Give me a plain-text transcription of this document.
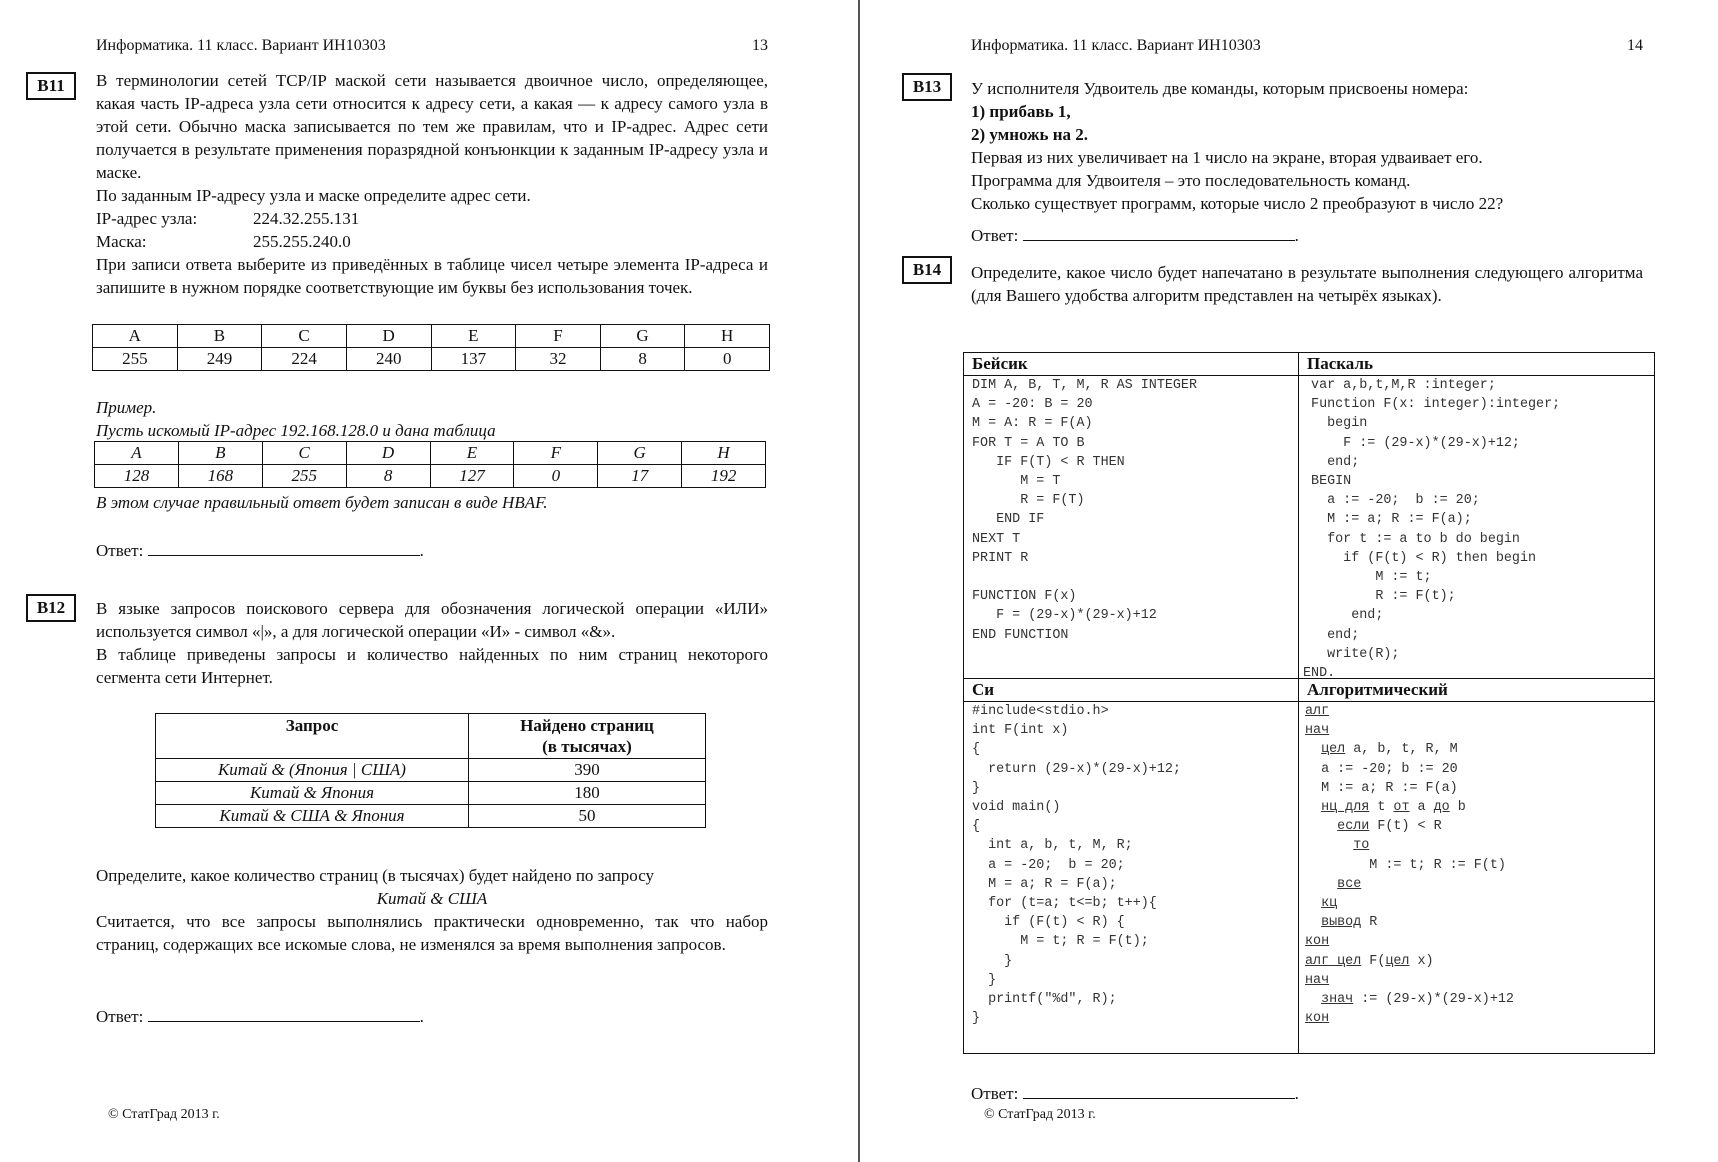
Информатика. 11 класс. Вариант ИН10303	13
B11	В терминологии сетей TCP/IP маской сети называется двоичное число, определяющее, какая часть IP-адреса узла сети относится к адресу сети, а какая — к адресу самого узла в этой сети. Обычно маска записывается по тем же правилам, что и IP-адрес. Адрес сети получается в результате применения поразрядной конъюнкции к заданным IP-адресу узла и маске.

По заданным IP-адресу узла и маске определите адрес сети.

IP-адрес узла:	224.32.255.131

Маска:	255.255.240.0

При записи ответа выберите из приведённых в таблице чисел четыре элемента IP-адреса и запишите в нужном порядке соответствующие им буквы без использования точек.

A	B	C	D	E	F	G	H
255	249	224	240	137	32	8	0
Пример.
Пусть искомый IP-адрес 192.168.128.0 и дана таблица
A	B	C	D	E	F	G	H
128	168	255	8	127	0	17	192
В этом случае правильный ответ будет записан в виде HBAF.
Ответ:	.
B12	В языке запросов поискового сервера для обозначения логической операции «ИЛИ» используется символ «|», а для логической операции «И» - символ «&».

В таблице приведены запросы и количество найденных по ним страниц некоторого сегмента сети Интернет.

Запрос	Найдено страниц
(в тысячах)
Китай & (Япония | США)	390
Китай & Япония	180
Китай & США & Япония	50
Определите, какое количество страниц (в тысячах) будет найдено по запросу
Китай & США
Считается, что все запросы выполнялись практически одновременно, так что набор страниц, содержащих все искомые слова, не изменялся за время выполнения запросов.
Ответ:	.
© СтатГрад 2013 г.
Информатика. 11 класс. Вариант ИН10303	14
B13	У исполнителя Удвоитель две команды, которым присвоены номера:
1) прибавь 1,
2) умножь на 2.
Первая из них увеличивает на 1 число на экране, вторая удваивает его.
Программа для Удвоителя – это последовательность команд.
Сколько существует программ, которые число 2 преобразуют в число 22?
Ответ:	.
B14	Определите, какое число будет напечатано в результате выполнения следующего алгоритма (для Вашего удобства алгоритм представлен на четырёх языках).
Бейсик
DIM A, B, T, M, R AS INTEGER
A = -20: B = 20
M = A: R = F(A)
FOR T = A TO B
IF F(T) < R THEN
M = T
R = F(T)
END IF
NEXT T
PRINT R

FUNCTION F(x)
F = (29-x)*(29-x)+12
END FUNCTION
Паскаль
var a,b,t,M,R :integer;
Function F(x: integer):integer;
begin
F := (29-x)*(29-x)+12;
end;
BEGIN
a := -20;  b := 20;
M := a; R := F(a);
for t := a to b do begin
if (F(t) < R) then begin
M := t;
R := F(t);
end;
end;
write(R);
END.
Си
#include<stdio.h>
int F(int x)
{
return (29-x)*(29-x)+12;
}
void main()
{
int a, b, t, M, R;
a = -20;  b = 20;
M = a; R = F(a);
for (t=a; t<=b; t++){
if (F(t) < R) {
M = t; R = F(t);
}
}
printf("%d", R);
}
Алгоритмический
алг
нач
цел a, b, t, R, M
a := -20; b := 20
M := a; R := F(a)
нц для t от a до b
если F(t) < R
то
M := t; R := F(t)
все
кц
вывод R
кон
алг цел F(цел x)
нач
знач := (29-x)*(29-x)+12
кон
Ответ:	.
© СтатГрад 2013 г.
